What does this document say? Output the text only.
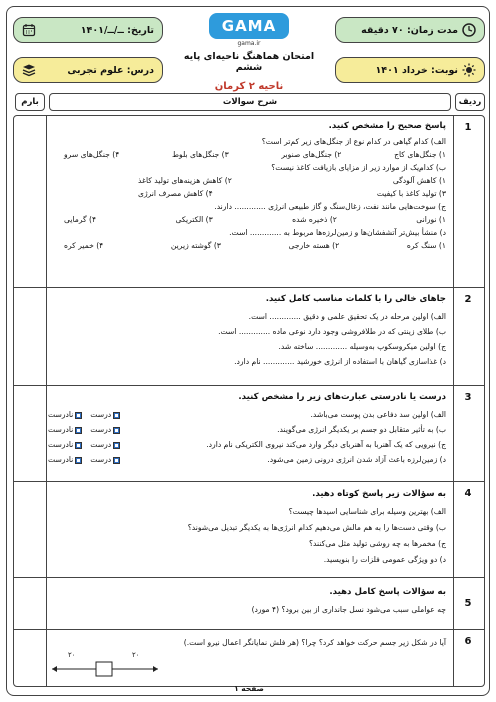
مدت زمان: ۷۰ دقیقه
تاریخ: ــ/ــ/۱۴۰۱
نوبت: خرداد ۱۴۰۱
درس: علوم تجربی
GAMA
gama.ir
امتحان هماهنگ ناحیه‌ای پایه ششم
ناحیه ۲ کرمان
ردیف
شرح سوالات
بارم
1
پاسخ صحیح را مشخص کنید.
الف) کدام گیاهی در کدام نوع از جنگل‌های زیر کم‌تر است؟
۱) جنگل‌های کاج
۲) جنگل‌های صنوبر
۳) جنگل‌های بلوط
۴) جنگل‌های سرو
ب) کدام‌یک از موارد زیر از مزایای بازیافت کاغذ نیست؟
۱) کاهش آلودگی
۲) کاهش هزینه‌های تولید کاغذ
۳) تولید کاغذ با کیفیت
۴) کاهش مصرف انرژی
ج) سوخت‌هایی مانند نفت، زغال‌سنگ و گاز طبیعی انرژی ............. دارند.
۱) نورانی
۲) ذخیره شده
۳) الکتریکی
۴) گرمایی
د) منشأ بیش‌تر آتشفشان‌ها و زمین‌لرزه‌ها مربوط به ............. است.
۱) سنگ کره
۲) هسته خارجی
۳) گوشته زیرین
۴) خمیر کره
2
جاهای خالی را با کلمات مناسب کامل کنید.
الف) اولین مرحله در یک تحقیق علمی و دقیق ............. است.
ب) طلای زینتی که در طلافروشی وجود دارد نوعی ماده ............. است.
ج) اولین میکروسکوپ به‌وسیله ............. ساخته شد.
د) غذاسازی گیاهان با استفاده از انرژی خورشید ............. نام دارد.
3
درست یا نادرستی عبارت‌های زیر را مشخص کنید.
الف) اولین سد دفاعی بدن پوست می‌باشد.
نادرست	درست
ب) به تأثیر متقابل دو جسم بر یکدیگر انرژی می‌گویند.
نادرست	درست
ج) نیرویی که یک آهنربا به آهنربای دیگر وارد می‌کند نیروی الکتریکی نام دارد.
نادرست	درست
د) زمین‌لرزه باعث آزاد شدن انرژی درونی زمین می‌شود.
نادرست	درست
4
به سؤالات زیر پاسخ کوتاه دهید.
الف) بهترین وسیله برای شناسایی اسیدها چیست؟
ب) وقتی دست‌ها را به هم مالش می‌دهیم کدام انرژی‌ها به یکدیگر تبدیل می‌شوند؟
ج) مخمرها به چه روشی تولید مثل می‌کنند؟
د) دو ویژگی عمومی فلزات را بنویسید.
5
به سؤالات پاسخ کامل دهید.
چه عواملی سبب می‌شود نسل جانداری از بین برود؟ (۴ مورد)
6
آیا در شکل زیر جسم حرکت خواهد کرد؟ چرا؟ (هر فلش نمایانگر اعمال نیرو است.)
۲۰	۲۰
صفحه ۱
